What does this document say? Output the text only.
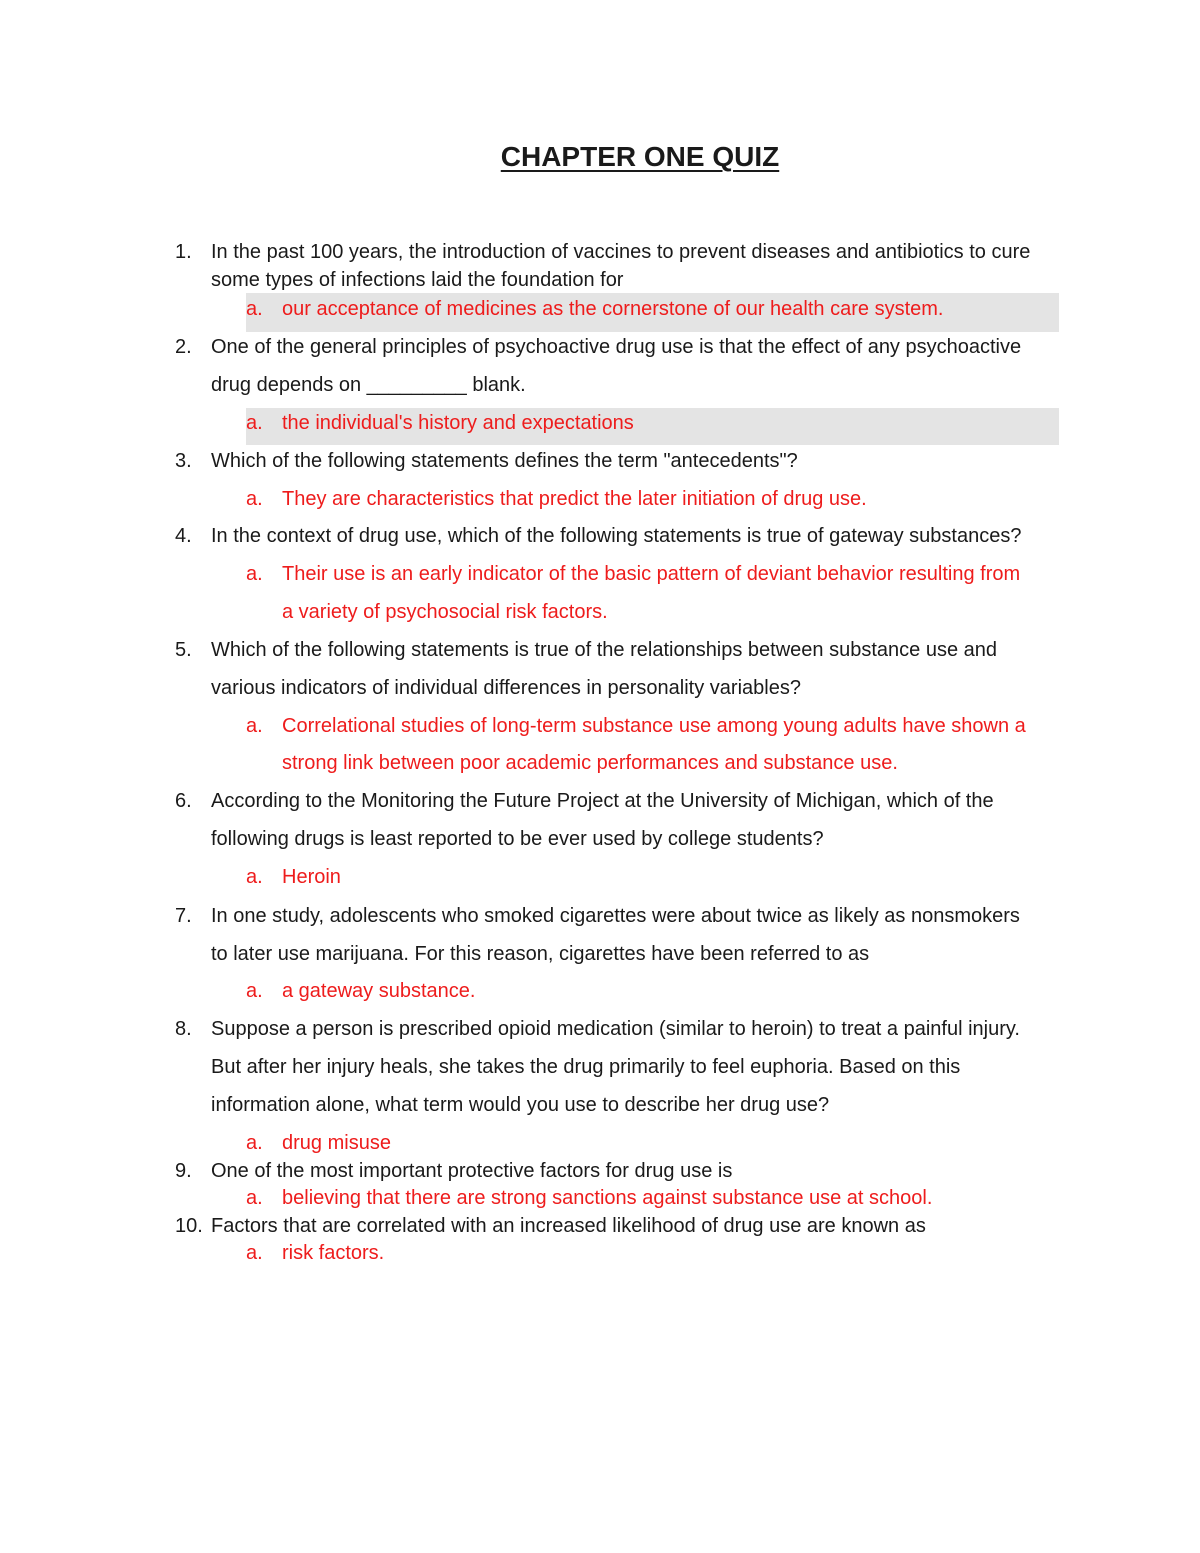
CHAPTER ONE QUIZ
1. In the past 100 years, the introduction of vaccines to prevent diseases and antibiotics to cure
some types of infections laid the foundation for
a. our acceptance of medicines as the cornerstone of our health care system.
2. One of the general principles of psychoactive drug use is that the effect of any psychoactive
drug depends on _________ blank.
a. the individual's history and expectations
3. Which of the following statements defines the term "antecedents"?
a. They are characteristics that predict the later initiation of drug use.
4. In the context of drug use, which of the following statements is true of gateway substances?
a. Their use is an early indicator of the basic pattern of deviant behavior resulting from
a variety of psychosocial risk factors.
5. Which of the following statements is true of the relationships between substance use and
various indicators of individual differences in personality variables?
a. Correlational studies of long-term substance use among young adults have shown a
strong link between poor academic performances and substance use.
6. According to the Monitoring the Future Project at the University of Michigan, which of the
following drugs is least reported to be ever used by college students?
a. Heroin
7. In one study, adolescents who smoked cigarettes were about twice as likely as nonsmokers
to later use marijuana. For this reason, cigarettes have been referred to as
a. a gateway substance.
8. Suppose a person is prescribed opioid medication (similar to heroin) to treat a painful injury.
But after her injury heals, she takes the drug primarily to feel euphoria. Based on this
information alone, what term would you use to describe her drug use?
a. drug misuse
9. One of the most important protective factors for drug use is
a. believing that there are strong sanctions against substance use at school.
10. Factors that are correlated with an increased likelihood of drug use are known as
a. risk factors.
